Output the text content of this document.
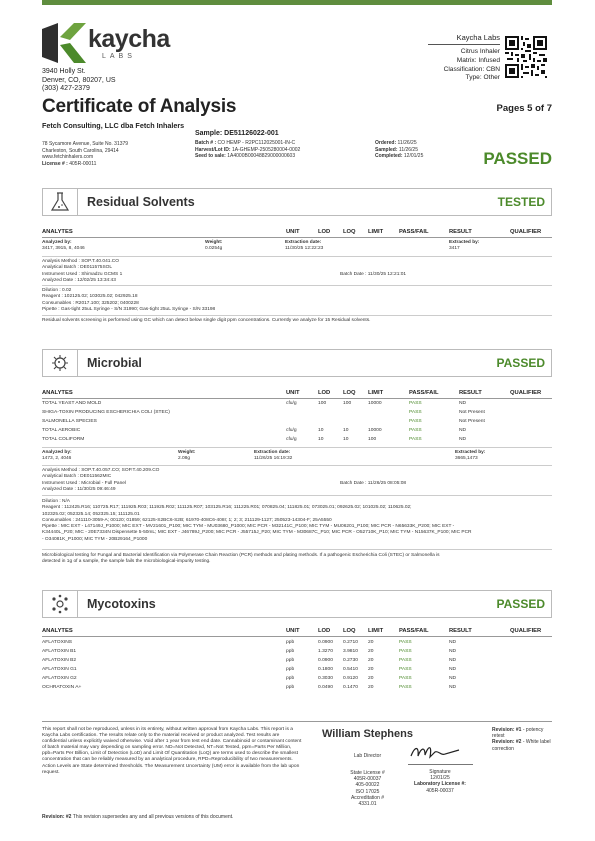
kaycha
LABS
3940 Holly St.
Denver, CO, 80207, US
(303) 427-2379
Kaycha Labs
Citrus Inhaler
Matrix: Infused
Classification: CBN
Type: Other
Certificate of Analysis	Pages 5 of 7
Fetch Consulting, LLC dba Fetch Inhalers
78 Sycamore Avenue, Suite No. 31379
Charleston, South Carolina, 29414
www.fetchinhalers.com
License # : 405R-00011
Sample: DE51126022-001
Batch # : CO HEMP - R2PC112025001-IN-C
Harvest/Lot ID: 1A-GHEMP-2505280004-0002
Seed to sale: 1A4000B00048829000000603
Ordered: 11/26/25
Sampled: 11/26/25
Completed: 12/01/25	PASSED
Residual Solvents	TESTED
ANALYTES	UNIT	LOD LOQ LIMIT	PASS/FAIL	RESULT	QUALIFIER
Analyzed by:
3417, 3915, 8, 4046
Weight:
0.0254g
Extraction date:
11/30/25 12:22:23
Extracted by:
3417
Analysis Method : SOP.T.40.041.CO
Analytical Batch : DE011575SOL
Instrument Used : Shimadzu GCMS 1
Analyzed Date : 12/02/25 13:34:43
Batch Date : 11/30/25 12:21:01
Dilution : 0.02
Reagent : 102125.02; 103025.02; 042925.18
Consumables : R2017.100; 325202; 0400228
Pipette : Gas-tight 25uL Syringe - S/N 31990; Gas-tight 25uL Syringe - S/N 33198
Residual solvents screening is performed using GC which can detect below single digit ppm concentrations. Currently we analyze for 15 Residual solvents.
Microbial	PASSED
ANALYTES	UNIT	LOD LOQ LIMIT	PASS/FAIL	RESULT	QUALIFIER
TOTAL YEAST AND MOLD	cfu/g	100	100	10000	PASS	ND
SHIGA-TOXIN PRODUCING ESCHERICHIA COLI (STEC)	PASS	Not Present
SALMONELLA SPECIES	PASS	Not Present
TOTAL AEROBIC	cfu/g	10	10	10000	PASS	ND
TOTAL COLIFORM	cfu/g	10	10	100	PASS	ND
Analyzed by:
1473, 2, 4046
Weight:
2.08g
Extraction date:
11/26/25 16:19:32
Extracted by:
3665,1473
Analysis Method : SOP.T.40.057.CO; SOP.T.40.209.CO
Analytical Batch : DE011562MIC
Instrument Used : Microbial - Full Panel
Analyzed Date : 11/30/25 09:46:49
Batch Date : 11/26/25 08:05:08
Dilution : N/A
Reagent : 112425.R16; 110725.R17; 111925.R03; 111925.R02; 111125.R07; 103125.R16; 111225.R01; 070825.04; 111825.01; 073025.01; 092625.02; 101025.02; 110625.02;
102325.02; 052325.14; 052325.15; 111125.01
Consumables : 241110-3059-A; 00120; 01859; 62125-S2BC6-S2B; 61970-408C6-408I; 1; 2; 3; 211129-1127; 250523-14304-F; 25A5550
Pipette : MIC EXT - L47149J_P1000; MIC EXT - MV21601_P100; MIC TYM - MU03680_P1000; MIC PCR - M32141C_P100; MIC TYM - MU06201_P100; MIC PCR - N65633K_P200; MIC EXT -
K34440L_P20; MIC - 20E7334N Dispensette 5-50mL; MIC EXT - J46789J_P200; MIC PCR - J55715J_P20; MIC TYM - M30687C_P10; MIC PCR - O52710K_P10; MIC TYM - N15637K_P100; MIC PCR
- O34081K_P1000; MIC TYM - 20B29164_P1000
Microbiological testing for Fungal and Bacterial Identification via Polymerase Chain Reaction (PCR) methods and plating methods. If a pathogenic Escherichia Coli (STEC) or Salmonella is
detected in 1g of a sample, the sample fails the microbiological-impurity testing.
Mycotoxins	PASSED
ANALYTES	UNIT	LOD LOQ LIMIT	PASS/FAIL	RESULT	QUALIFIER
AFLATOXINS	ppb	0.0900 0.2710 20	PASS	ND
AFLATOXIN B1	ppb	1.3270 3.9810 20	PASS	ND
AFLATOXIN B2	ppb	0.0900 0.2730 20	PASS	ND
AFLATOXIN G1	ppb	0.1800 0.5410 20	PASS	ND
AFLATOXIN G2	ppb	0.3030 0.9120 20	PASS	ND
OCHRATOXIN A+	ppb	0.0490 0.1470 20	PASS	ND
This report shall not be reproduced, unless in its entirety, without written approval from Kaycha Labs. This report is a Kaycha Labs certification. The results relate only to the material received or product analyzed. Test results are confidential unless explicitly waived otherwise. Void after 1 year from test end date. Cannabinoid or contaminant content of batch material may vary depending on sampling error. ND=Not Detected, NT=Not Tested, ppm=Parts Per Million, ppb=Parts Per Billion, Limit of Detection (LoD) and Limit Of Quantitation (LoQ) are terms used to describe the smallest concentration that can be reliably measured by an analytical procedure, RPD=Reproducibility of two measurements. Action Levels are State determined thresholds. The Measurement Uncertainty (UM) error is available from the lab upon request.
William Stephens
Lab Director
State License #
405R-00037
405-00022
ISO 17025
Accreditation #
4331.01
Signature
12/01/25
Laboratory License #:
405R-00037
Revision: #1 - potency retest
Revision: #2 - White label correction
Revision: #2 This revision supersedes any and all previous versions of this document.
